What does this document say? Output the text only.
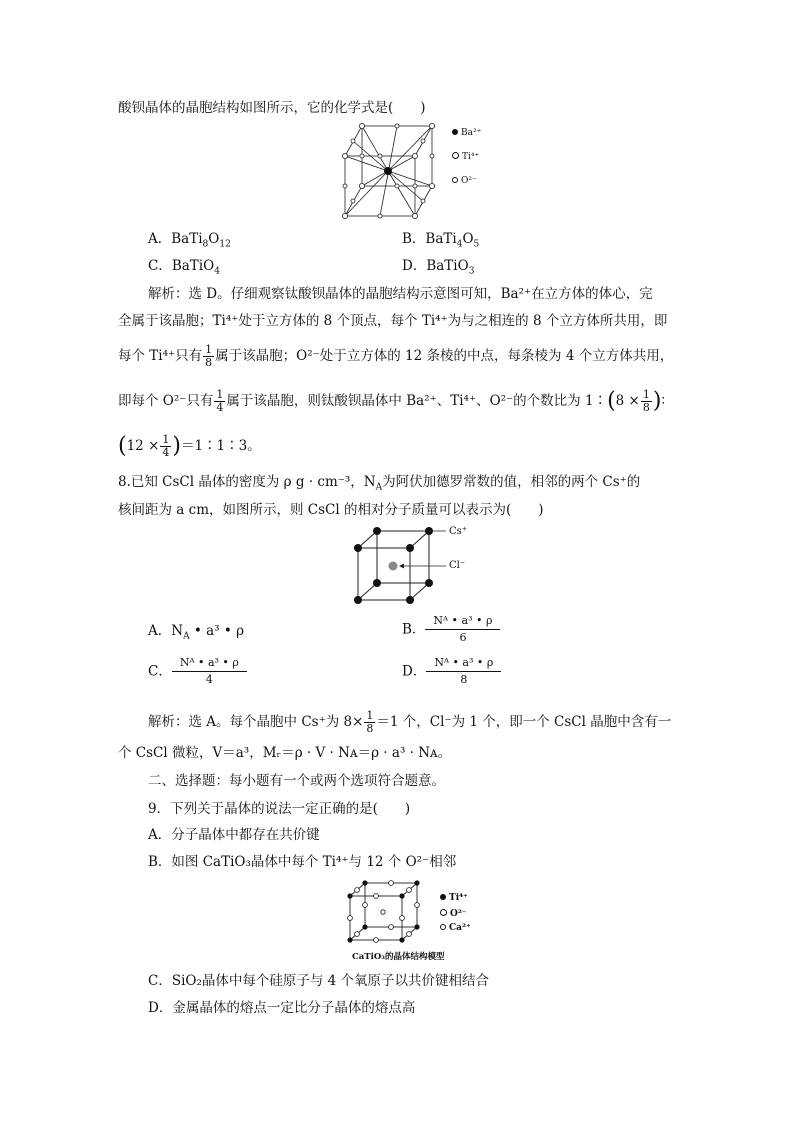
酸钡晶体的晶胞结构如图所示，它的化学式是(　　)
Ba²⁺
Ti⁴⁺
O²⁻
A．$BaTi_8O_{12}$	B．$BaTi_4O_5$
C．BaTiO$_4$	D．BaTiO$_3$
解析：选 D。仔细观察钛酸钡晶体的晶胞结构示意图可知，Ba²⁺在立方体的体心，完
全属于该晶胞；Ti⁴⁺处于立方体的 8 个顶点，每个 Ti⁴⁺为与之相连的 8 个立方体所共用，即
每个 Ti⁴⁺只有 $\frac{1}{8}$ 属于该晶胞；O²⁻处于立方体的 12 条棱的中点，每条棱为 4 个立方体共用，
即每个 O²⁻只有 $\frac{1}{4}$ 属于该晶胞，则钛酸钡晶体中 Ba²⁺、Ti⁴⁺、O²⁻的个数比为 1∶(8 × $\frac{1}{8}$ )∶
($12 \times \frac{1}{4}$ )＝1∶1∶3。
8.已知 CsCl 晶体的密度为 ρ g · cm⁻³，$N_A$为阿伏加德罗常数的值，相邻的两个 Cs⁺的
核间距为 a cm，如图所示，则 CsCl 的相对分子质量可以表示为(　　)
Cs⁺
Cl⁻
A．$N_A$ • a³ • ρ	B． $\frac{\text{Nᴬ • a³ • ρ}}{6}$
C． $\frac{\text{Nᴬ • a³ • ρ}}{4}$	D． $\frac{\text{Nᴬ • a³ • ρ}}{8}$
解析：选 A。每个晶胞中 Cs⁺为 $8\times \frac{1}{8} =1$ 个，Cl⁻为 1 个，即一个 CsCl 晶胞中含有一
个 CsCl 微粒，V＝a³，Mᵣ＝ρ · V · Nᴀ＝ρ · a³ · Nᴀ。
二、选择题：每小题有一个或两个选项符合题意。
9．下列关于晶体的说法一定正确的是(　　)
A．分子晶体中都存在共价键
B．如图 CaTiO₃晶体中每个 Ti⁴⁺与 12 个 O²⁻相邻
Ti⁴⁺
O²⁻
Ca²⁺
CaTiO₃的晶体结构模型
C．SiO₂晶体中每个硅原子与 4 个氧原子以共价键相结合
D．金属晶体的熔点一定比分子晶体的熔点高
